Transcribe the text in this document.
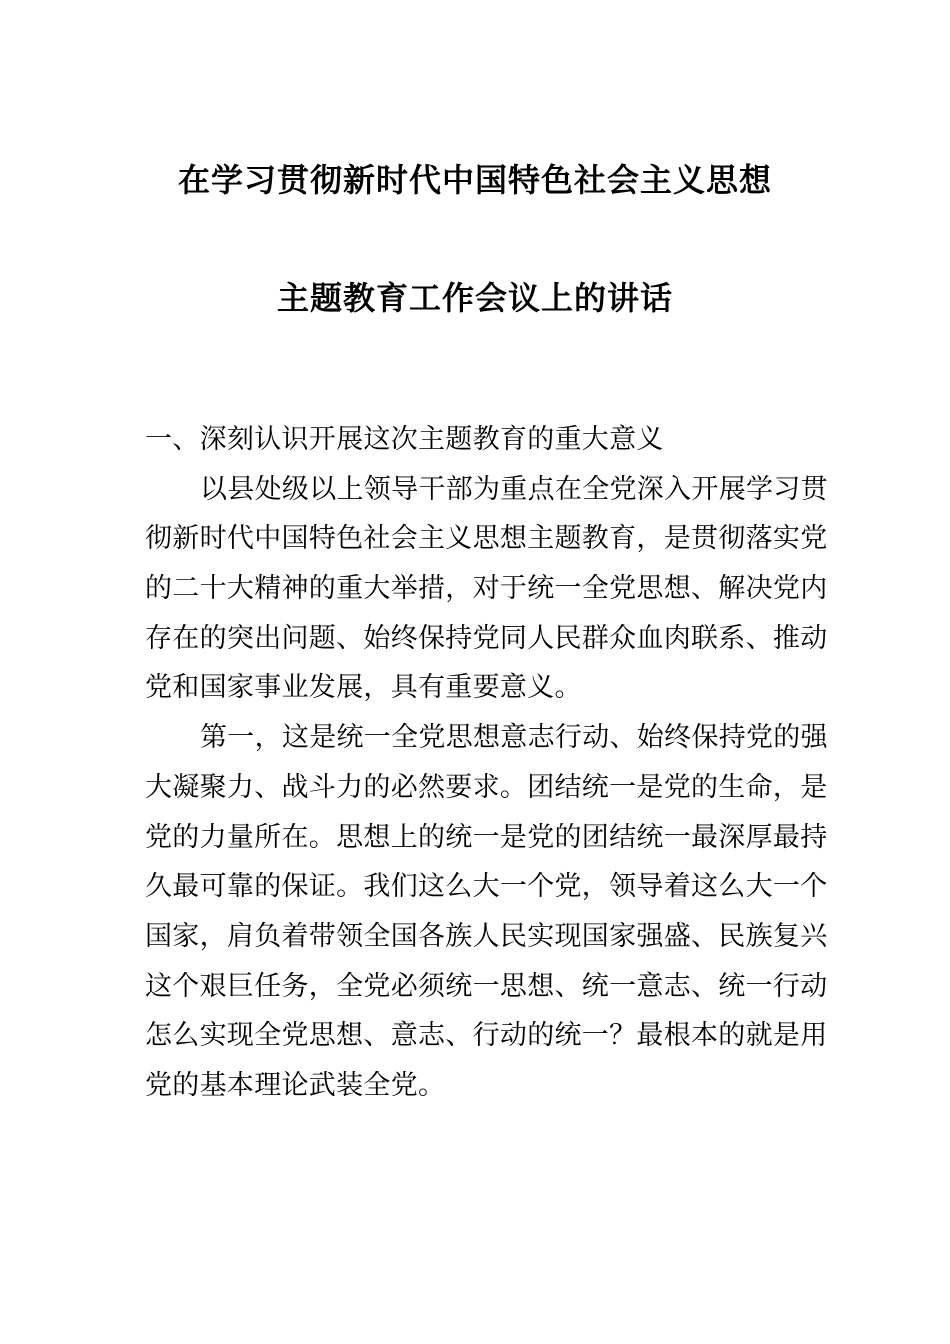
在学习贯彻新时代中国特色社会主义思想
主题教育工作会议上的讲话
一、深刻认识开展这次主题教育的重大意义
以县处级以上领导干部为重点在全党深入开展学习贯
彻新时代中国特色社会主义思想主题教育，是贯彻落实党
的二十大精神的重大举措，对于统一全党思想、解决党内
存在的突出问题、始终保持党同人民群众血肉联系、推动
党和国家事业发展，具有重要意义。
第一，这是统一全党思想意志行动、始终保持党的强
大凝聚力、战斗力的必然要求。团结统一是党的生命，是
党的力量所在。思想上的统一是党的团结统一最深厚最持
久最可靠的保证。我们这么大一个党，领导着这么大一个
国家，肩负着带领全国各族人民实现国家强盛、民族复兴
这个艰巨任务，全党必须统一思想、统一意志、统一行动
怎么实现全党思想、意志、行动的统一？最根本的就是用
党的基本理论武装全党。
